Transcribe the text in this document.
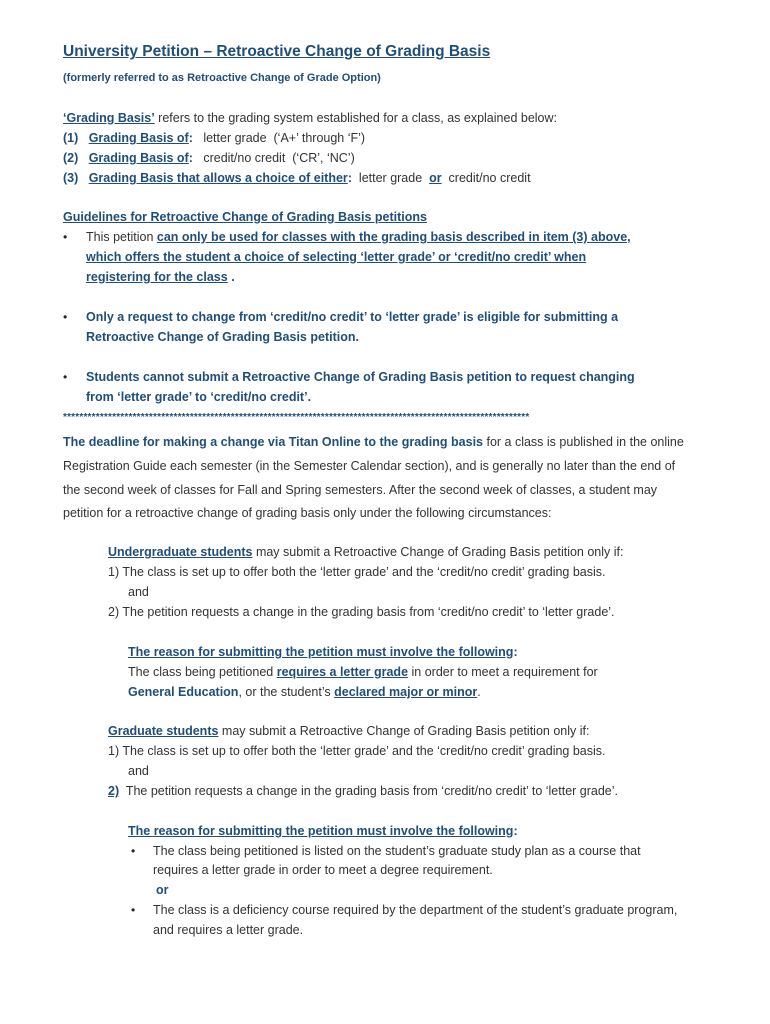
University Petition – Retroactive Change of Grading Basis
(formerly referred to as Retroactive Change of Grade Option)
‘Grading Basis’ refers to the grading system established for a class, as explained below:
(1) Grading Basis of:   letter grade  (‘A+’ through ‘F’)
(2) Grading Basis of:   credit/no credit  (‘CR’, ‘NC’)
(3) Grading Basis that allows a choice of either:  letter grade  or  credit/no credit
Guidelines for Retroactive Change of Grading Basis petitions
• This petition can only be used for classes with the grading basis described in item (3) above,
which offers the student a choice of selecting ‘letter grade’ or ‘credit/no credit’ when
registering for the class .
• Only a request to change from ‘credit/no credit’ to ‘letter grade’ is eligible for submitting a
Retroactive Change of Grading Basis petition.
• Students cannot submit a Retroactive Change of Grading Basis petition to request changing
from ‘letter grade’ to ‘credit/no credit’.
******************************************************************************************************************
The deadline for making a change via Titan Online to the grading basis for a class is published in the online
Registration Guide each semester (in the Semester Calendar section), and is generally no later than the end of
the second week of classes for Fall and Spring semesters. After the second week of classes, a student may
petition for a retroactive change of grading basis only under the following circumstances:
Undergraduate students may submit a Retroactive Change of Grading Basis petition only if:
1) The class is set up to offer both the ‘letter grade’ and the ‘credit/no credit’ grading basis.
and
2) The petition requests a change in the grading basis from ‘credit/no credit’ to ‘letter grade’.
The reason for submitting the petition must involve the following:
The class being petitioned requires a letter grade in order to meet a requirement for
General Education, or the student’s declared major or minor.
Graduate students may submit a Retroactive Change of Grading Basis petition only if:
1) The class is set up to offer both the ‘letter grade’ and the ‘credit/no credit’ grading basis.
and
2)  The petition requests a change in the grading basis from ‘credit/no credit’ to ‘letter grade’.
The reason for submitting the petition must involve the following:
• The class being petitioned is listed on the student’s graduate study plan as a course that
requires a letter grade in order to meet a degree requirement.
or
• The class is a deficiency course required by the department of the student’s graduate program,
and requires a letter grade.
